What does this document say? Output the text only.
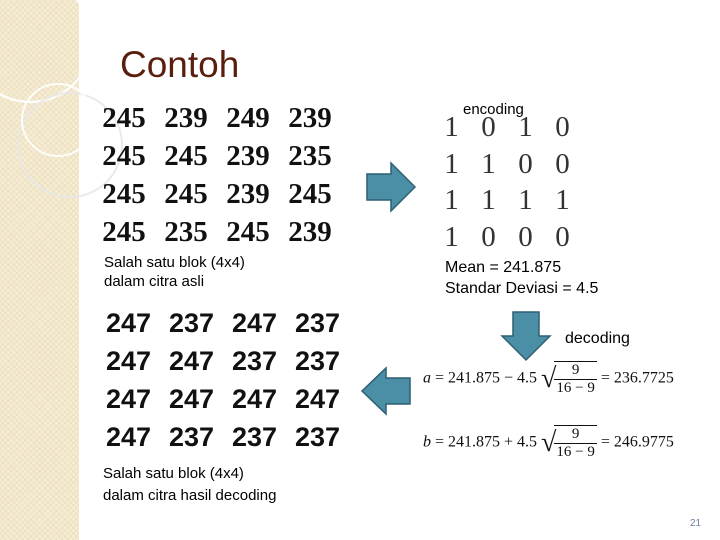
Contoh
245 239 249 239
245 245 239 235
245 245 239 245
245 235 245 239
Salah satu blok (4x4)
dalam citra asli
encoding
1 0 1 0
1 1 0 0
1 1 1 1
1 0 0 0
Mean = 241.875
Standar Deviasi = 4.5
decoding
a = 241.875 − 4.5 √
$\frac{9}{16 - 9} = 236.7725$
b = 241.875 + 4.5 √
$\frac{9}{16 - 9} = 246.9775$
247 237 247 237
247 247 237 237
247 247 247 247
247 237 237 237
Salah satu blok (4x4)
dalam citra hasil decoding
21
